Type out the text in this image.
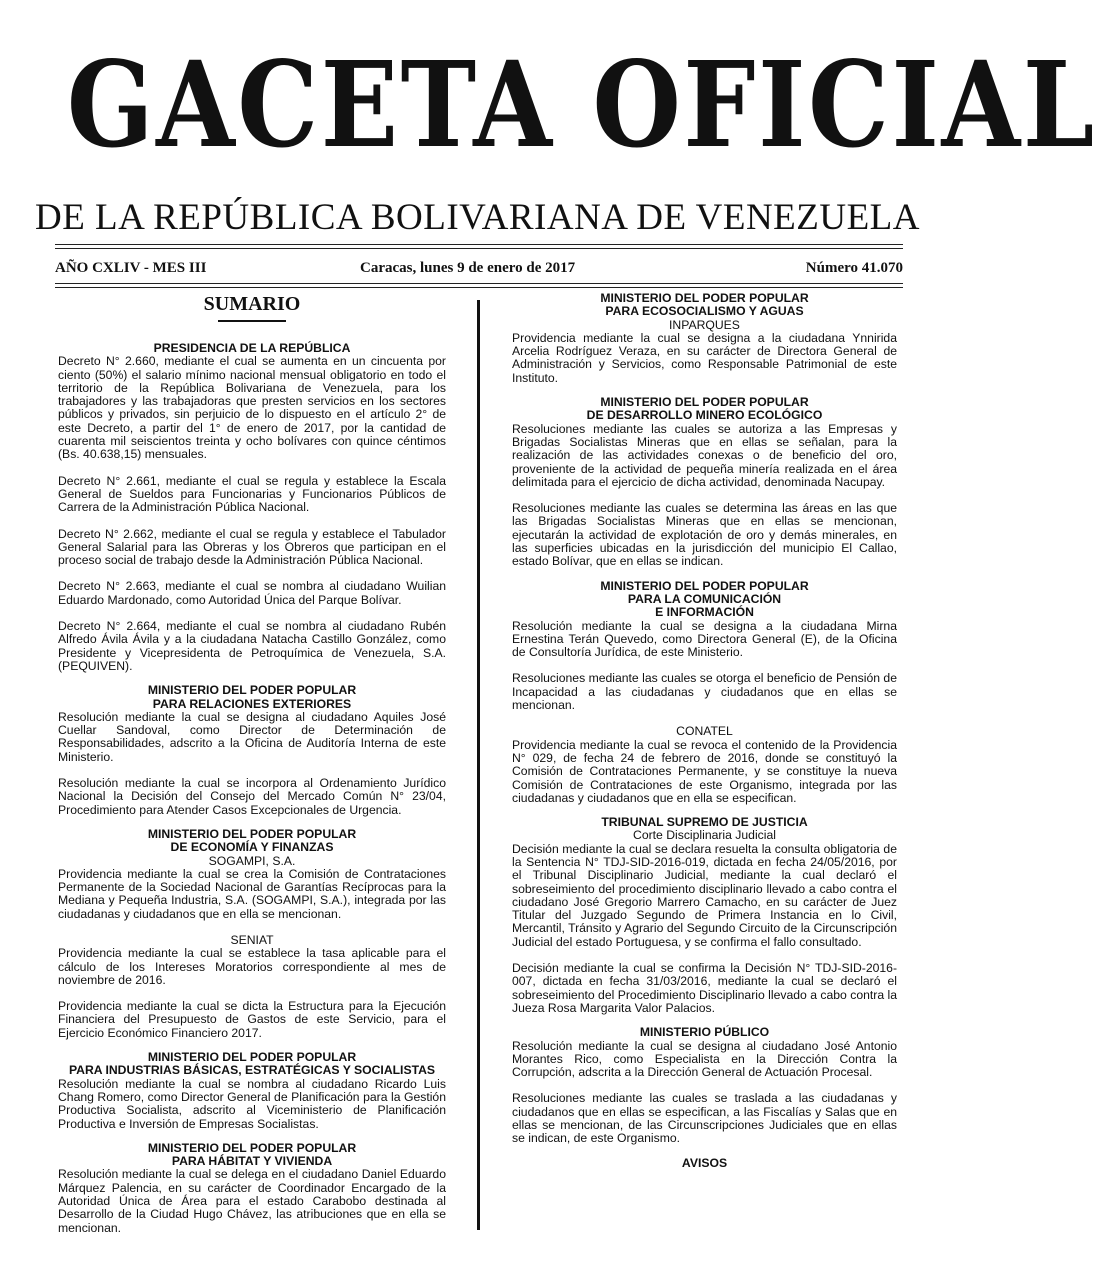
GACETA OFICIAL
DE LA REPÚBLICA BOLIVARIANA DE VENEZUELA
AÑO CXLIV - MES III	Caracas, lunes 9 de enero de 2017	Número 41.070
SUMARIO

PRESIDENCIA DE LA REPÚBLICA

Decreto N° 2.660, mediante el cual se aumenta en un cincuenta por ciento (50%) el salario mínimo nacional mensual obligatorio en todo el territorio de la República Bolivariana de Venezuela, para los trabajadores y las trabajadoras que presten servicios en los sectores públicos y privados, sin perjuicio de lo dispuesto en el artículo 2° de este Decreto, a partir del 1° de enero de 2017, por la cantidad de cuarenta mil seiscientos treinta y ocho bolívares con quince céntimos (Bs. 40.638,15) mensuales.

Decreto N° 2.661, mediante el cual se regula y establece la Escala General de Sueldos para Funcionarias y Funcionarios Públicos de Carrera de la Administración Pública Nacional.

Decreto N° 2.662, mediante el cual se regula y establece el Tabulador General Salarial para las Obreras y los Obreros que participan en el proceso social de trabajo desde la Administración Pública Nacional.

Decreto N° 2.663, mediante el cual se nombra al ciudadano Wuilian Eduardo Mardonado, como Autoridad Única del Parque Bolívar.

Decreto N° 2.664, mediante el cual se nombra al ciudadano Rubén Alfredo Ávila Ávila y a la ciudadana Natacha Castillo González, como Presidente y Vicepresidenta de Petroquímica de Venezuela, S.A. (PEQUIVEN).

MINISTERIO DEL PODER POPULAR

PARA RELACIONES EXTERIORES

Resolución mediante la cual se designa al ciudadano Aquiles José Cuellar Sandoval, como Director de Determinación de Responsabilidades, adscrito a la Oficina de Auditoría Interna de este Ministerio.

Resolución mediante la cual se incorpora al Ordenamiento Jurídico Nacional la Decisión del Consejo del Mercado Común N° 23/04, Procedimiento para Atender Casos Excepcionales de Urgencia.

MINISTERIO DEL PODER POPULAR

DE ECONOMÍA Y FINANZAS

SOGAMPI, S.A.

Providencia mediante la cual se crea la Comisión de Contrataciones Permanente de la Sociedad Nacional de Garantías Recíprocas para la Mediana y Pequeña Industria, S.A. (SOGAMPI, S.A.), integrada por las ciudadanas y ciudadanos que en ella se mencionan.

SENIAT

Providencia mediante la cual se establece la tasa aplicable para el cálculo de los Intereses Moratorios correspondiente al mes de noviembre de 2016.

Providencia mediante la cual se dicta la Estructura para la Ejecución Financiera del Presupuesto de Gastos de este Servicio, para el Ejercicio Económico Financiero 2017.

MINISTERIO DEL PODER POPULAR

PARA INDUSTRIAS BÁSICAS, ESTRATÉGICAS Y SOCIALISTAS

Resolución mediante la cual se nombra al ciudadano Ricardo Luis Chang Romero, como Director General de Planificación para la Gestión Productiva Socialista, adscrito al Viceministerio de Planificación Productiva e Inversión de Empresas Socialistas.

MINISTERIO DEL PODER POPULAR

PARA HÁBITAT Y VIVIENDA

Resolución mediante la cual se delega en el ciudadano Daniel Eduardo Márquez Palencia, en su carácter de Coordinador Encargado de la Autoridad Única de Área para el estado Carabobo destinada al Desarrollo de la Ciudad Hugo Chávez, las atribuciones que en ella se mencionan.

MINISTERIO DEL PODER POPULAR

PARA ECOSOCIALISMO Y AGUAS

INPARQUES

Providencia mediante la cual se designa a la ciudadana Ynnirida Arcelia Rodríguez Veraza, en su carácter de Directora General de Administración y Servicios, como Responsable Patrimonial de este Instituto.

MINISTERIO DEL PODER POPULAR

DE DESARROLLO MINERO ECOLÓGICO

Resoluciones mediante las cuales se autoriza a las Empresas y Brigadas Socialistas Mineras que en ellas se señalan, para la realización de las actividades conexas o de beneficio del oro, proveniente de la actividad de pequeña minería realizada en el área delimitada para el ejercicio de dicha actividad, denominada Nacupay.

Resoluciones mediante las cuales se determina las áreas en las que las Brigadas Socialistas Mineras que en ellas se mencionan, ejecutarán la actividad de explotación de oro y demás minerales, en las superficies ubicadas en la jurisdicción del municipio El Callao, estado Bolívar, que en ellas se indican.

MINISTERIO DEL PODER POPULAR

PARA LA COMUNICACIÓN

E INFORMACIÓN

Resolución mediante la cual se designa a la ciudadana Mirna Ernestina Terán Quevedo, como Directora General (E), de la Oficina de Consultoría Jurídica, de este Ministerio.

Resoluciones mediante las cuales se otorga el beneficio de Pensión de Incapacidad a las ciudadanas y ciudadanos que en ellas se mencionan.

CONATEL

Providencia mediante la cual se revoca el contenido de la Providencia N° 029, de fecha 24 de febrero de 2016, donde se constituyó la Comisión de Contrataciones Permanente, y se constituye la nueva Comisión de Contrataciones de este Organismo, integrada por las ciudadanas y ciudadanos que en ella se especifican.

TRIBUNAL SUPREMO DE JUSTICIA

Corte Disciplinaria Judicial

Decisión mediante la cual se declara resuelta la consulta obligatoria de la Sentencia N° TDJ-SID-2016-019, dictada en fecha 24/05/2016, por el Tribunal Disciplinario Judicial, mediante la cual declaró el sobreseimiento del procedimiento disciplinario llevado a cabo contra el ciudadano José Gregorio Marrero Camacho, en su carácter de Juez Titular del Juzgado Segundo de Primera Instancia en lo Civil, Mercantil, Tránsito y Agrario del Segundo Circuito de la Circunscripción Judicial del estado Portuguesa, y se confirma el fallo consultado.

Decisión mediante la cual se confirma la Decisión N° TDJ-SID-2016-007, dictada en fecha 31/03/2016, mediante la cual se declaró el sobreseimiento del Procedimiento Disciplinario llevado a cabo contra la Jueza Rosa Margarita Valor Palacios.

MINISTERIO PÚBLICO

Resolución mediante la cual se designa al ciudadano José Antonio Morantes Rico, como Especialista en la Dirección Contra la Corrupción, adscrita a la Dirección General de Actuación Procesal.

Resoluciones mediante las cuales se traslada a las ciudadanas y ciudadanos que en ellas se especifican, a las Fiscalías y Salas que en ellas se mencionan, de las Circunscripciones Judiciales que en ellas se indican, de este Organismo.

AVISOS
